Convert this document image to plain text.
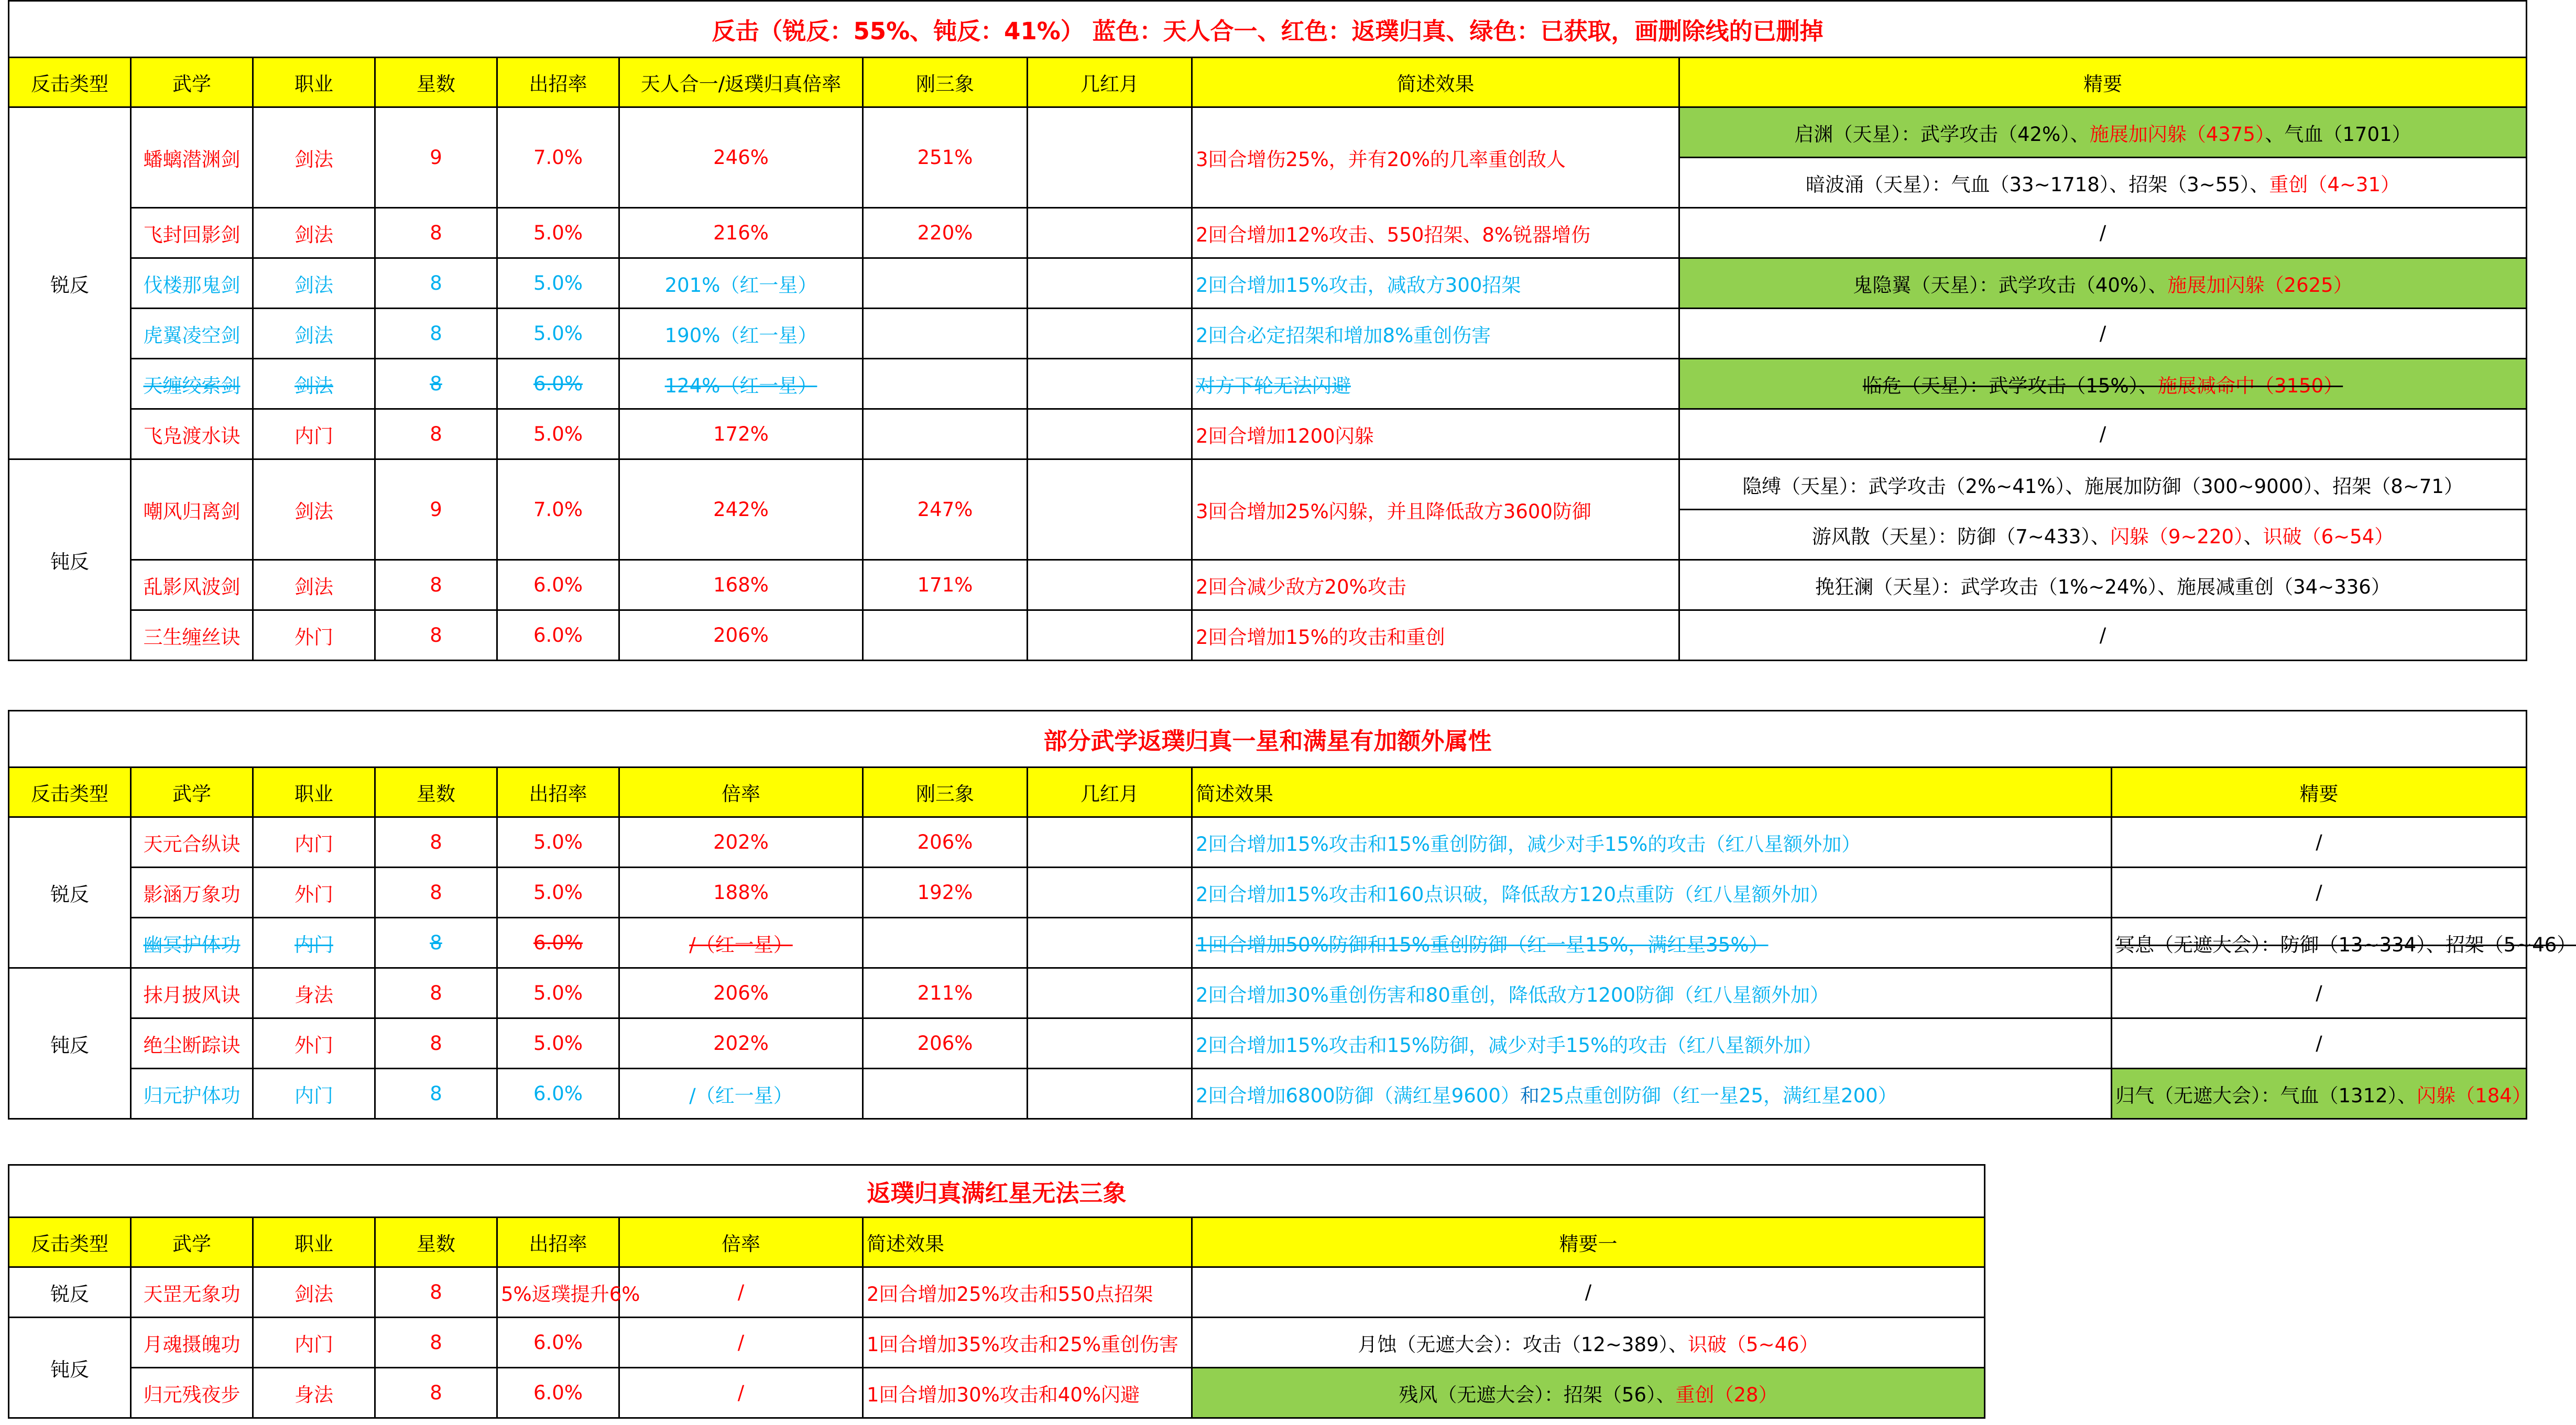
反击（锐反：55%、钝反：41%） 蓝色：天人合一、红色：返璞归真、绿色：已获取，画删除线的已删掉									
反击类型	武学	职业	星数	出招率	天人合一/返璞归真倍率	刚三象	几红月	简述效果	精要
锐反	蟠螭潜渊剑	剑法	9	7.0%	246%	251%		3回合增伤25%，并有20%的几率重创敌人	启渊（天星）：武学攻击（42%）、施展加闪躲（4375）、气血（1701）
									暗波涌（天星）：气血（33~1718）、招架（3~55）、重创（4~31）
	飞封回影剑	剑法	8	5.0%	216%	220%		2回合增加12%攻击、550招架、8%锐器增伤	/
	伐楼那鬼剑	剑法	8	5.0%	201%（红一星）			2回合增加15%攻击，减敌方300招架	鬼隐翼（天星）：武学攻击（40%）、施展加闪躲（2625）
	虎翼凌空剑	剑法	8	5.0%	190%（红一星）			2回合必定招架和增加8%重创伤害	/
	天缠绞索剑	剑法	8	6.0%	124%（红一星）			对方下轮无法闪避	临危（天星）：武学攻击（15%）、施展减命中（3150）
	飞凫渡水诀	内门	8	5.0%	172%			2回合增加1200闪躲	/
钝反	嘲风归离剑	剑法	9	7.0%	242%	247%		3回合增加25%闪躲，并且降低敌方3600防御	隐缚（天星）：武学攻击（2%~41%）、施展加防御（300~9000）、招架（8~71）
									游风散（天星）：防御（7~433）、闪躲（9~220）、识破（6~54）
	乱影风波剑	剑法	8	6.0%	168%	171%		2回合减少敌方20%攻击	挽狂澜（天星）：武学攻击（1%~24%）、施展减重创（34~336）
	三生缠丝诀	外门	8	6.0%	206%			2回合增加15%的攻击和重创	/
部分武学返璞归真一星和满星有加额外属性									
反击类型	武学	职业	星数	出招率	倍率	刚三象	几红月	简述效果	精要
锐反	天元合纵诀	内门	8	5.0%	202%	206%		2回合增加15%攻击和15%重创防御，减少对手15%的攻击（红八星额外加）	/
	影涵万象功	外门	8	5.0%	188%	192%		2回合增加15%攻击和160点识破，降低敌方120点重防（红八星额外加）	/
	幽冥护体功	内门	8	6.0%	/（红一星）			1回合增加50%防御和15%重创防御（红一星15%，满红星35%）	冥息（无遮大会）：防御（13~334）、招架（5~46）
钝反	抹月披风诀	身法	8	5.0%	206%	211%		2回合增加30%重创伤害和80重创，降低敌方1200防御（红八星额外加）	/
	绝尘断踪诀	外门	8	5.0%	202%	206%		2回合增加15%攻击和15%防御，减少对手15%的攻击（红八星额外加）	/
	归元护体功	内门	8	6.0%	/（红一星）			2回合增加6800防御（满红星9600）和25点重创防御（红一星25，满红星200）	归气（无遮大会）：气血（1312）、闪躲（184）
返璞归真满红星无法三象							
反击类型	武学	职业	星数	出招率	倍率	简述效果	精要一
锐反	天罡无象功	剑法	8	5%返璞提升6%	/	2回合增加25%攻击和550点招架	/
钝反	月魂摄魄功	内门	8	6.0%	/	1回合增加35%攻击和25%重创伤害	月蚀（无遮大会）：攻击（12~389）、识破（5~46）
	归元残夜步	身法	8	6.0%	/	1回合增加30%攻击和40%闪避	残风（无遮大会）：招架（56）、重创（28）
